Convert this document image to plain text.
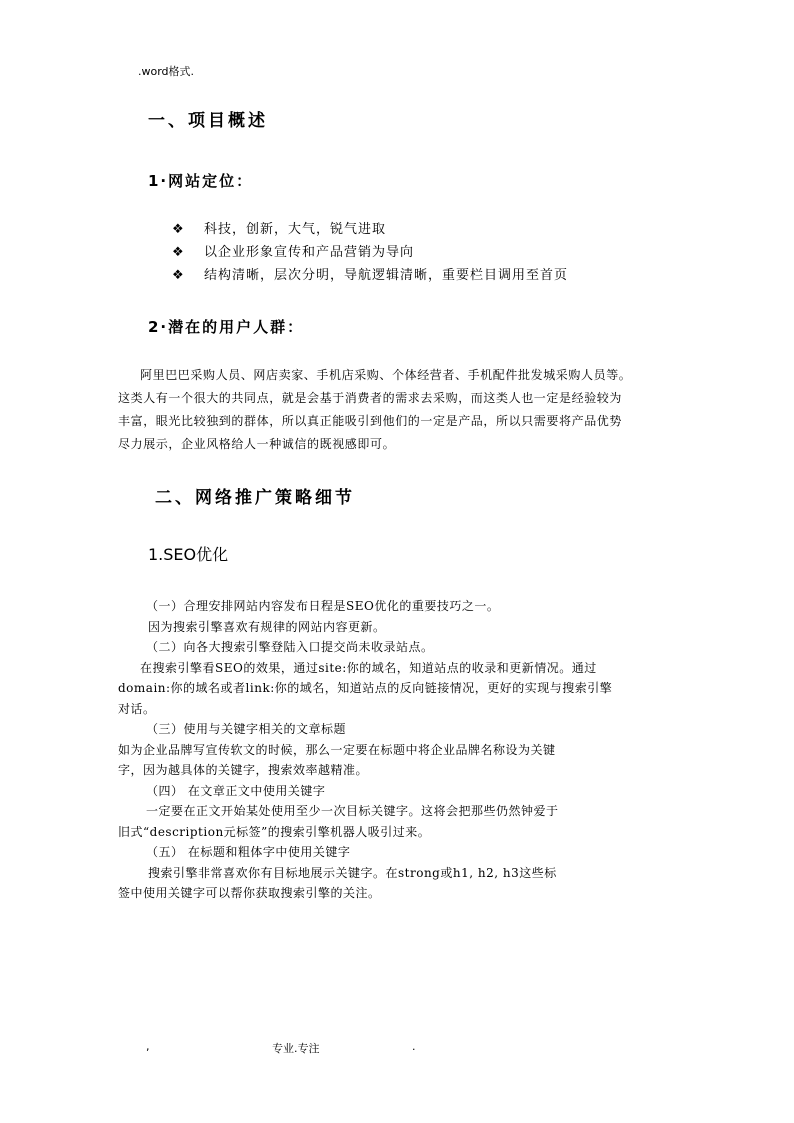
.word格式.
一、项目概述
1·网站定位：
❖	科技，创新，大气，锐气进取
❖	以企业形象宣传和产品营销为导向
❖	结构清晰，层次分明，导航逻辑清晰，重要栏目调用至首页
2·潜在的用户人群：

阿里巴巴采购人员、网店卖家、手机店采购、个体经营者、手机配件批发城采购人员等。

这类人有一个很大的共同点，就是会基于消费者的需求去采购，而这类人也一定是经验较为

丰富，眼光比较独到的群体，所以真正能吸引到他们的一定是产品，所以只需要将产品优势

尽力展示，企业风格给人一种诚信的既视感即可。

二、网络推广策略细节
1.SEO优化

（一）合理安排网站内容发布日程是SEO优化的重要技巧之一。

因为搜索引擎喜欢有规律的网站内容更新。

（二）向各大搜索引擎登陆入口提交尚未收录站点。

在搜索引擎看SEO的效果，通过site:你的域名，知道站点的收录和更新情况。通过

domain:你的域名或者link:你的域名，知道站点的反向链接情况，更好的实现与搜索引擎

对话。

（三）使用与关键字相关的文章标题

如为企业品牌写宣传软文的时候，那么一定要在标题中将企业品牌名称设为关键

字，因为越具体的关键字，搜索效率越精准。

（四） 在文章正文中使用关键字

一定要在正文开始某处使用至少一次目标关键字。这将会把那些仍然钟爱于

旧式“description元标签”的搜索引擎机器人吸引过来。

（五） 在标题和粗体字中使用关键字

搜索引擎非常喜欢你有目标地展示关键字。在strong或h1, h2, h3这些标

签中使用关键字可以帮你获取搜索引擎的关注。

,	专业.专注	.
